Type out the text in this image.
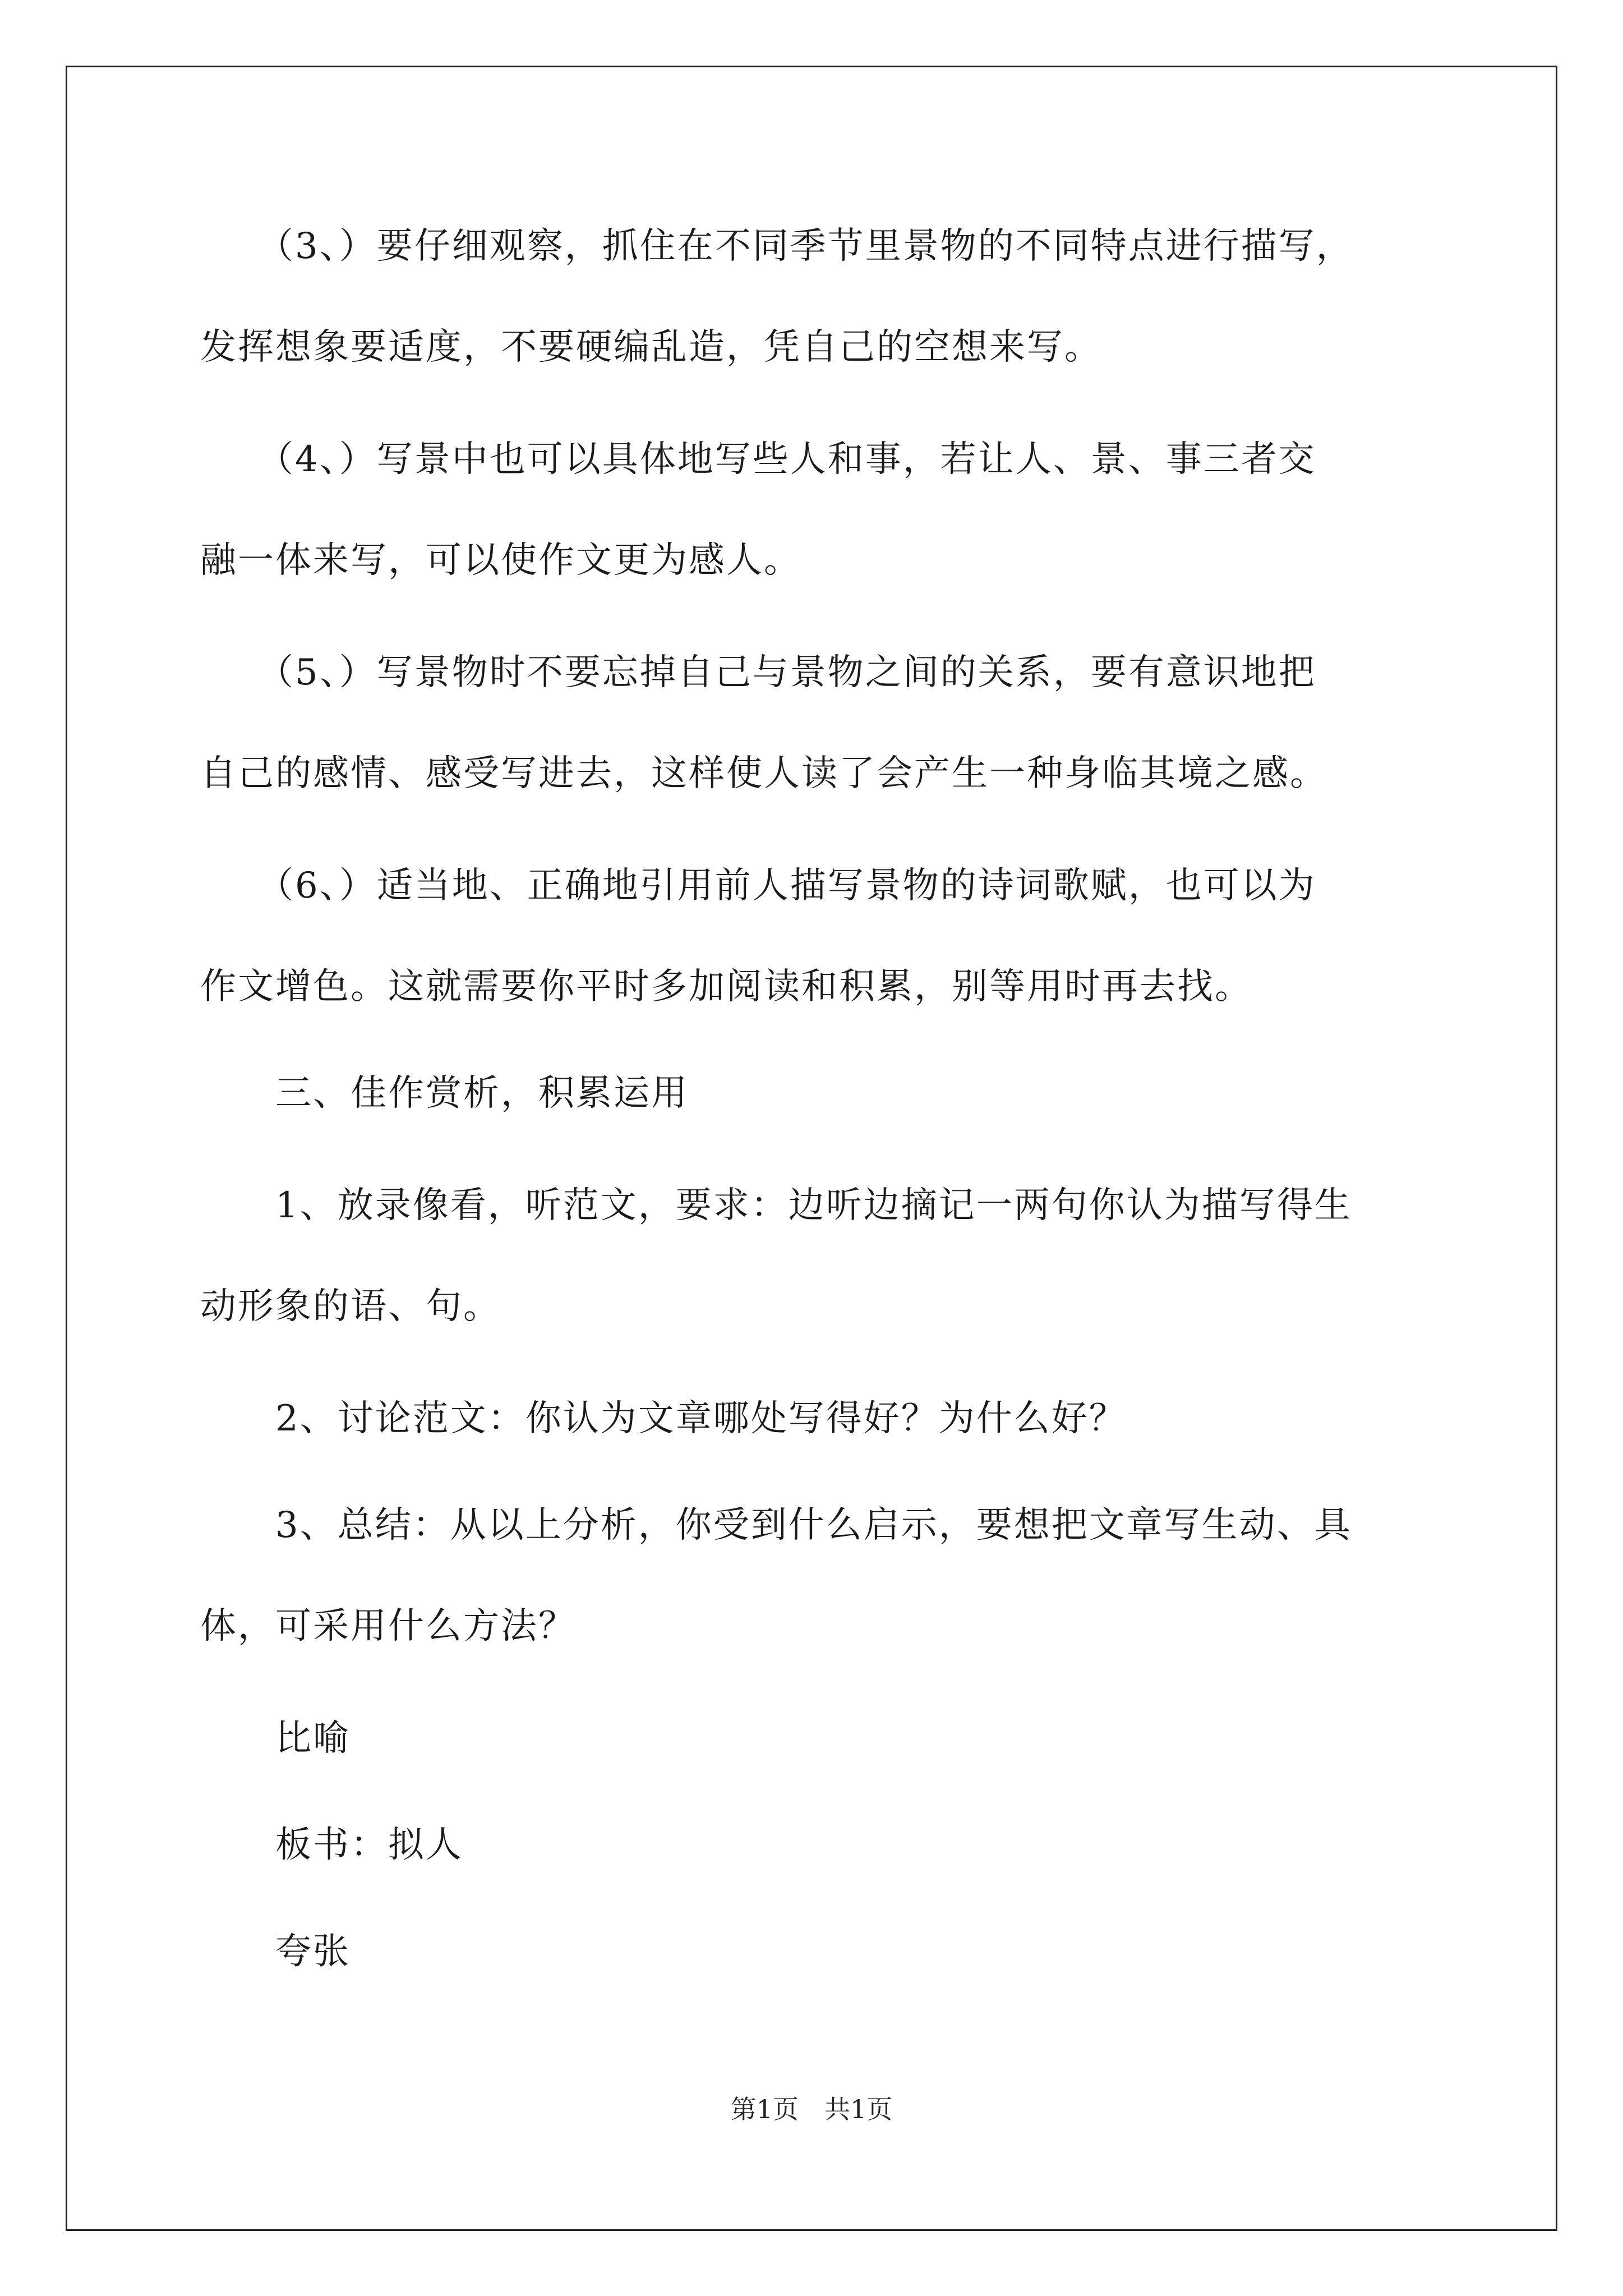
　　（3、）要仔细观察，抓住在不同季节里景物的不同特点进行描写，
发挥想象要适度，不要硬编乱造，凭自己的空想来写。
　　（4、）写景中也可以具体地写些人和事，若让人、景、事三者交
融一体来写，可以使作文更为感人。
　　（5、）写景物时不要忘掉自己与景物之间的关系，要有意识地把
自己的感情、感受写进去，这样使人读了会产生一种身临其境之感。
　　（6、）适当地、正确地引用前人描写景物的诗词歌赋，也可以为
作文增色。这就需要你平时多加阅读和积累，别等用时再去找。
　　三、佳作赏析，积累运用
　　1、放录像看，听范文，要求：边听边摘记一两句你认为描写得生
动形象的语、句。
　　2、讨论范文：你认为文章哪处写得好？为什么好？
　　3、总结：从以上分析，你受到什么启示，要想把文章写生动、具
体，可采用什么方法？
　　比喻
　　板书：拟人
　　夸张
第1页　共1页
